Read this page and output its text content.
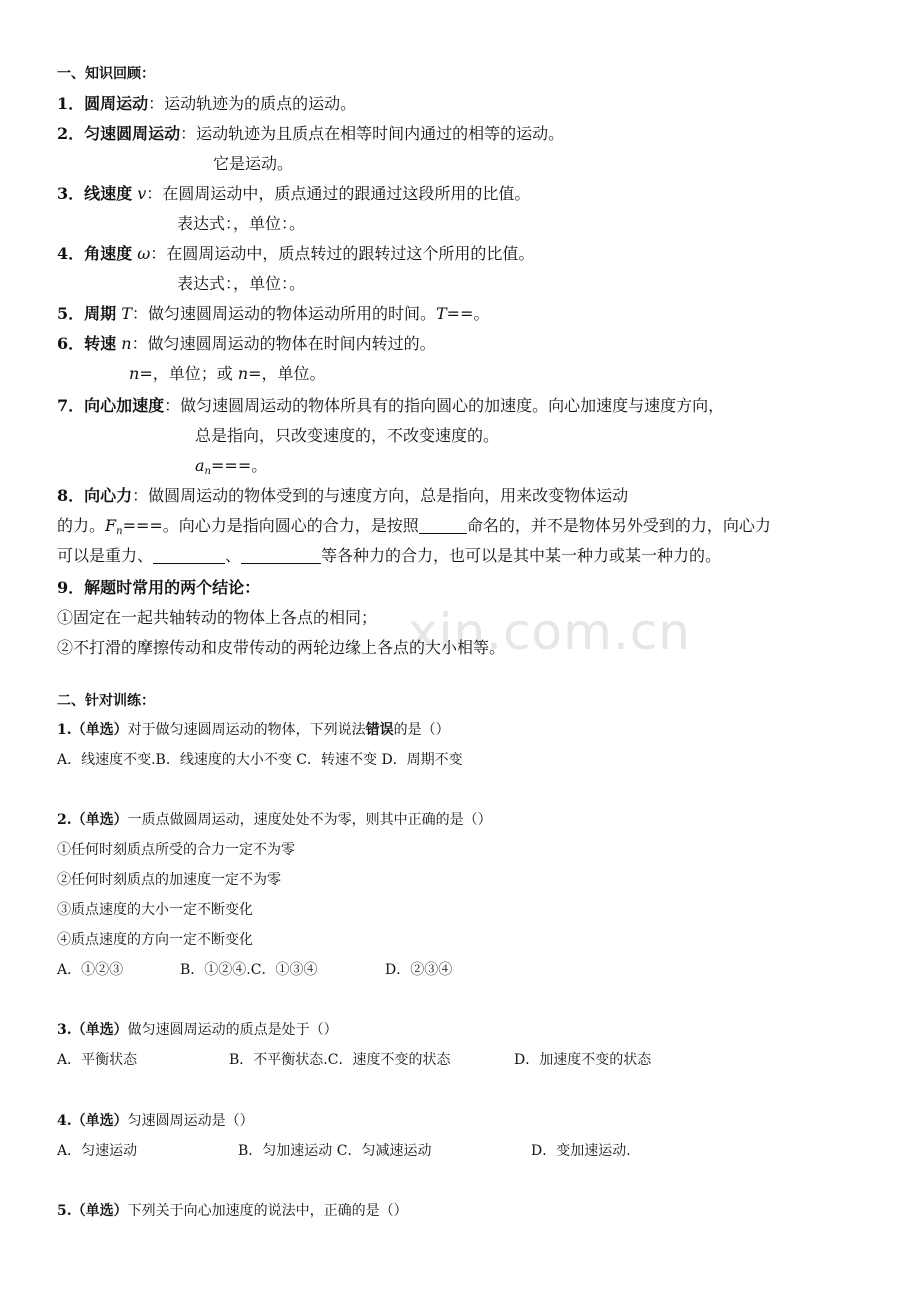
xin.com.cn
一、知识回顾：
1．圆周运动：运动轨迹为的质点的运动。
2．匀速圆周运动：运动轨迹为且质点在相等时间内通过的相等的运动。
它是运动。
3．线速度 v：在圆周运动中，质点通过的跟通过这段所用的比值。
表达式：，单位：。
4．角速度 ω：在圆周运动中，质点转过的跟转过这个所用的比值。
表达式：，单位：。
5．周期 T：做匀速圆周运动的物体运动所用的时间。T==。
6．转速 n：做匀速圆周运动的物体在时间内转过的。
n=，单位；或 n=，单位。
7．向心加速度：做匀速圆周运动的物体所具有的指向圆心的加速度。向心加速度与速度方向，
总是指向，只改变速度的，不改变速度的。
$a_n===$。
8．向心力：做圆周运动的物体受到的与速度方向，总是指向，用来改变物体运动
的力。$F_n===$。向心力是指向圆心的合力，是按照	命名的，并不是物体另外受到的力，向心力
可以是重力、	、	等各种力的合力，也可以是其中某一种力或某一种力的。
9．解题时常用的两个结论：
①固定在一起共轴转动的物体上各点的相同；
②不打滑的摩擦传动和皮带传动的两轮边缘上各点的大小相等。
二、针对训练：
1.（单选）对于做匀速圆周运动的物体，下列说法错误的是（）
A．线速度不变.B．线速度的大小不变 C．转速不变 D．周期不变
2.（单选）一质点做圆周运动，速度处处不为零，则其中正确的是（）
①任何时刻质点所受的合力一定不为零
②任何时刻质点的加速度一定不为零
③质点速度的大小一定不断变化
④质点速度的方向一定不断变化
A．①②③	B．①②④.C．①③④	D．②③④
3.（单选）做匀速圆周运动的质点是处于（）
A．平衡状态	B．不平衡状态.C．速度不变的状态	D．加速度不变的状态
4.（单选）匀速圆周运动是（）
A．匀速运动	B．匀加速运动 C．匀减速运动	D．变加速运动.
5.（单选）下列关于向心加速度的说法中，正确的是（）
